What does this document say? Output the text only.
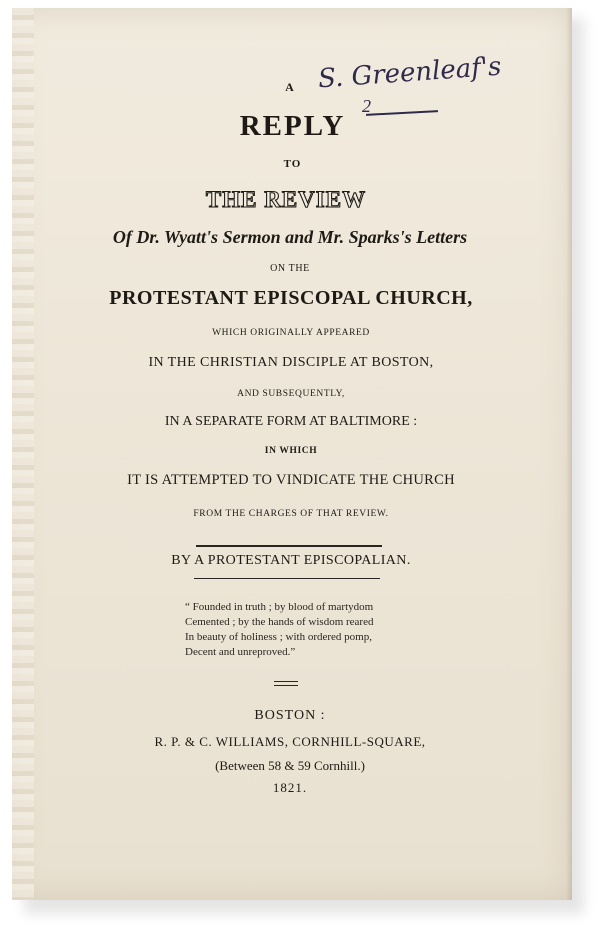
S. Greenleaf's
2
A
REPLY
TO
THE REVIEW
Of Dr. Wyatt's Sermon and Mr. Sparks's Letters
ON THE
PROTESTANT EPISCOPAL CHURCH,
WHICH ORIGINALLY APPEARED
IN THE CHRISTIAN DISCIPLE AT BOSTON,
AND SUBSEQUENTLY,
IN A SEPARATE FORM AT BALTIMORE :
IN WHICH
IT IS ATTEMPTED TO VINDICATE THE CHURCH
FROM THE CHARGES OF THAT REVIEW.
BY A PROTESTANT EPISCOPALIAN.
“ Founded in truth ; by blood of martydom
Cemented ; by the hands of wisdom reared
In beauty of holiness ; with ordered pomp,
Decent and unreproved.”
BOSTON :
R. P. & C. WILLIAMS, CORNHILL-SQUARE,
(Between 58 & 59 Cornhill.)
1821.
